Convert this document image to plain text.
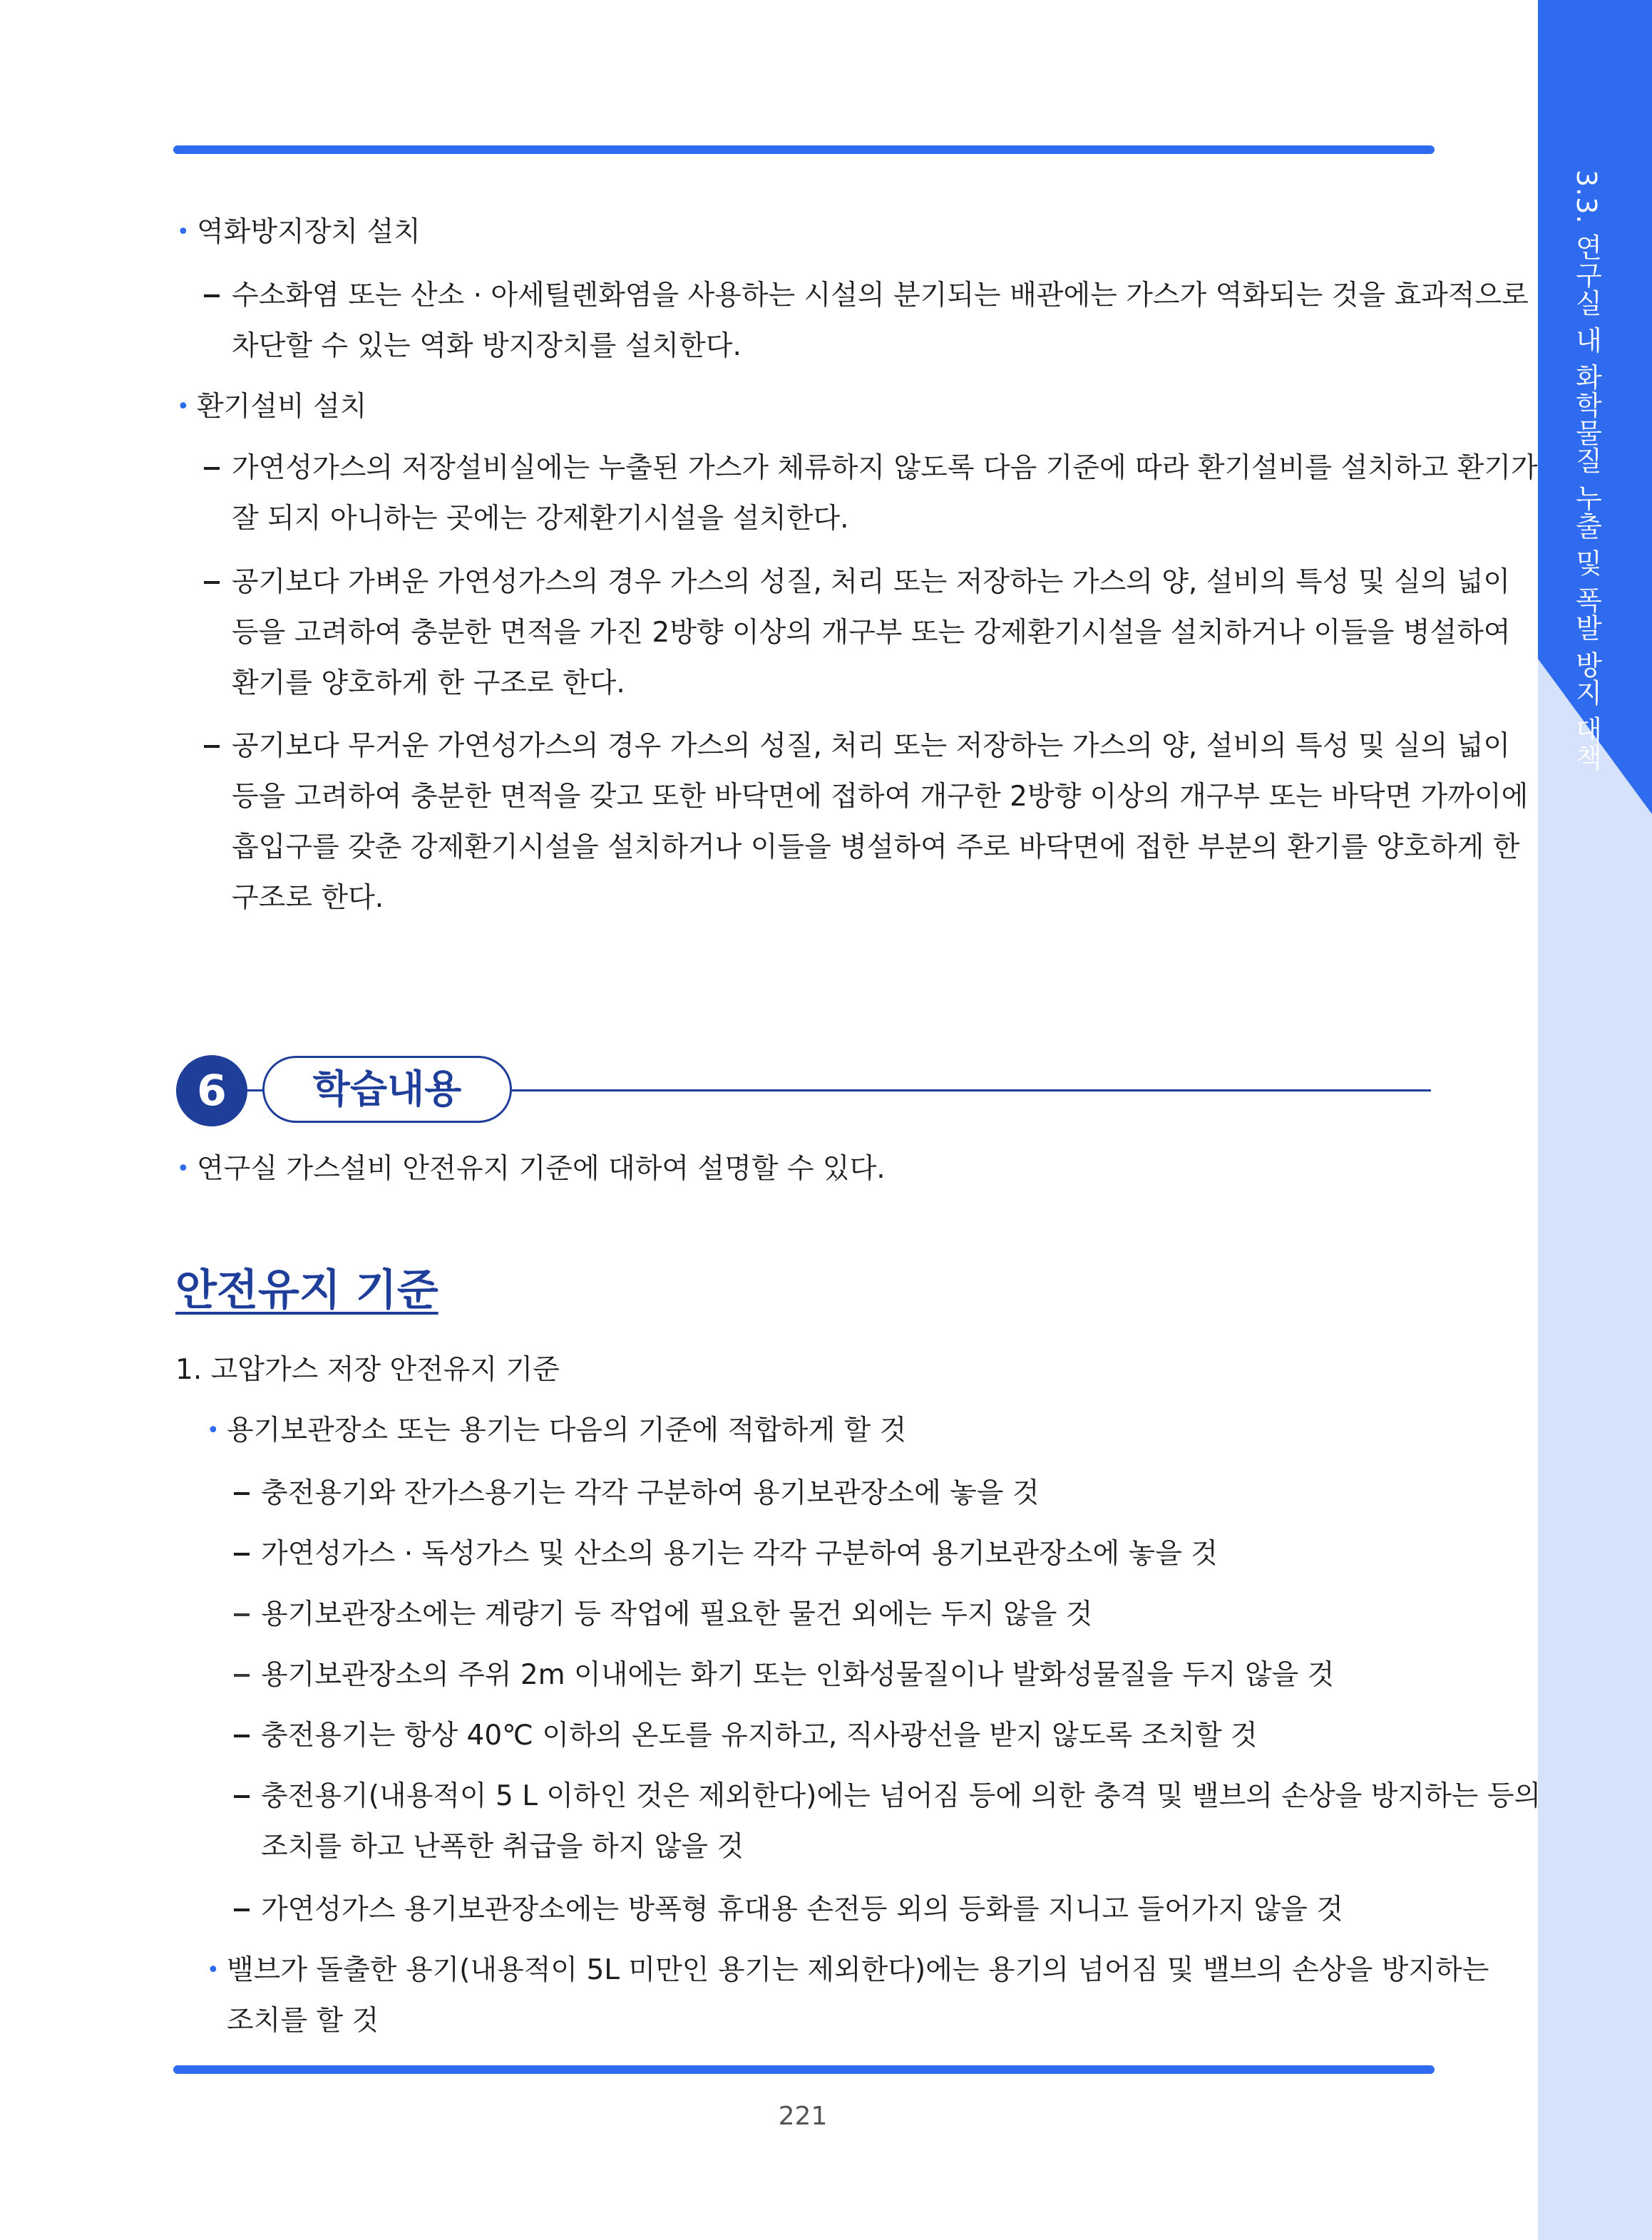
3.3. 연구실 내 화학물질 누출 및 폭발 방지 대책
• 역화방지장치 설치
수소화염 또는 산소 · 아세틸렌화염을 사용하는 시설의 분기되는 배관에는 가스가 역화되는 것을 효과적으로
차단할 수 있는 역화 방지장치를 설치한다.
• 환기설비 설치
가연성가스의 저장설비실에는 누출된 가스가 체류하지 않도록 다음 기준에 따라 환기설비를 설치하고 환기가
잘 되지 아니하는 곳에는 강제환기시설을 설치한다.
공기보다 가벼운 가연성가스의 경우 가스의 성질, 처리 또는 저장하는 가스의 양, 설비의 특성 및 실의 넓이
등을 고려하여 충분한 면적을 가진 2방향 이상의 개구부 또는 강제환기시설을 설치하거나 이들을 병설하여
환기를 양호하게 한 구조로 한다.
공기보다 무거운 가연성가스의 경우 가스의 성질, 처리 또는 저장하는 가스의 양, 설비의 특성 및 실의 넓이
등을 고려하여 충분한 면적을 갖고 또한 바닥면에 접하여 개구한 2방향 이상의 개구부 또는 바닥면 가까이에
흡입구를 갖춘 강제환기시설을 설치하거나 이들을 병설하여 주로 바닥면에 접한 부분의 환기를 양호하게 한
구조로 한다.
6	학습내용
• 연구실 가스설비 안전유지 기준에 대하여 설명할 수 있다.
안전유지 기준
1. 고압가스 저장 안전유지 기준
• 용기보관장소 또는 용기는 다음의 기준에 적합하게 할 것
충전용기와 잔가스용기는 각각 구분하여 용기보관장소에 놓을 것
가연성가스 · 독성가스 및 산소의 용기는 각각 구분하여 용기보관장소에 놓을 것
용기보관장소에는 계량기 등 작업에 필요한 물건 외에는 두지 않을 것
용기보관장소의 주위 2m 이내에는 화기 또는 인화성물질이나 발화성물질을 두지 않을 것
충전용기는 항상 40℃ 이하의 온도를 유지하고, 직사광선을 받지 않도록 조치할 것
충전용기(내용적이 5 L 이하인 것은 제외한다)에는 넘어짐 등에 의한 충격 및 밸브의 손상을 방지하는 등의
조치를 하고 난폭한 취급을 하지 않을 것
가연성가스 용기보관장소에는 방폭형 휴대용 손전등 외의 등화를 지니고 들어가지 않을 것
• 밸브가 돌출한 용기(내용적이 5L 미만인 용기는 제외한다)에는 용기의 넘어짐 및 밸브의 손상을 방지하는
조치를 할 것
221
